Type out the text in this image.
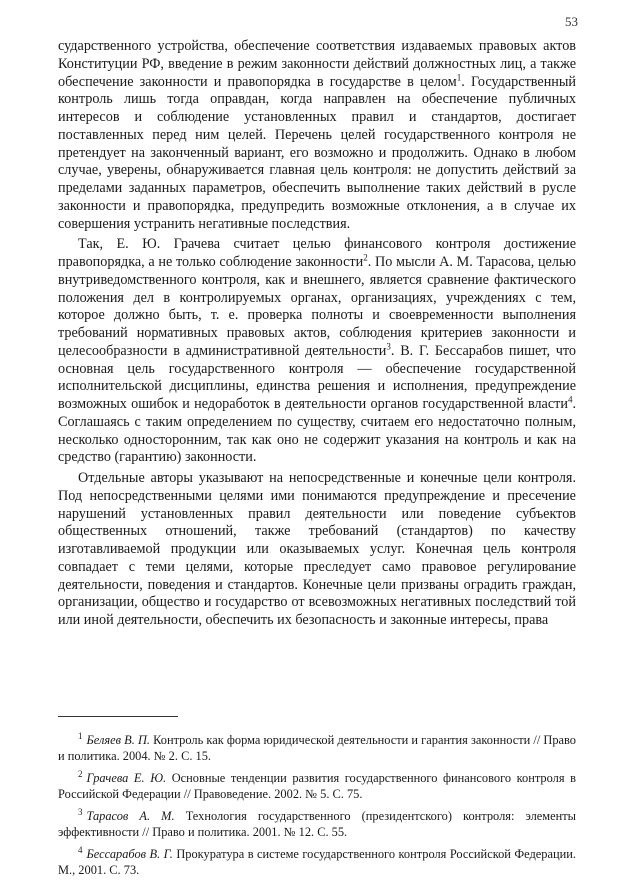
53

сударственного устройства, обеспечение соответствия издаваемых правовых актов Конституции РФ, введение в режим законности действий должностных лиц, а также обеспечение законности и правопорядка в государстве в целом$^1$. Государственный контроль лишь тогда оправдан, когда направлен на обеспечение публичных интересов и соблюдение установленных правил и стандартов, достигает поставленных перед ним целей. Перечень целей государственного контроля не претендует на законченный вариант, его возможно и продолжить. Однако в любом случае, уверены, обнаруживается главная цель контроля: не допустить действий за пределами заданных параметров, обеспечить выполнение таких действий в русле законности и правопорядка, предупредить возможные отклонения, а в случае их совершения устранить негативные последствия.

Так, Е. Ю. Грачева считает целью финансового контроля достижение правопорядка, а не только соблюдение законности$^2$. По мысли А. М. Тарасова, целью внутриведомственного контроля, как и внешнего, является сравнение фактического положения дел в контролируемых органах, организациях, учреждениях с тем, которое должно быть, т. е. проверка полноты и своевременности выполнения требований нормативных правовых актов, соблюдения критериев законности и целесообразности в административной деятельности$^3$. В. Г. Бессарабов пишет, что основная цель государственного контроля — обеспечение государственной исполнительской дисциплины, единства решения и исполнения, предупреждение возможных ошибок и недоработок в деятельности органов государственной власти$^4$. Соглашаясь с таким определением по существу, считаем его недостаточно полным, несколько односторонним, так как оно не содержит указания на контроль и как на средство (гарантию) законности.

Отдельные авторы указывают на непосредственные и конечные цели контроля. Под непосредственными целями ими понимаются предупреждение и пресечение нарушений установленных правил деятельности или поведение субъектов общественных отношений, также требований (стандартов) по качеству изготавливаемой продукции или оказываемых услуг. Конечная цель контроля совпадает с теми целями, которые преследует само правовое регулирование деятельности, поведения и стандартов. Конечные цели призваны оградить граждан, организации, общество и государство от всевозможных негативных последствий той или иной деятельности, обеспечить их безопасность и законные интересы, права

$^1$ Беляев В. П. Контроль как форма юридической деятельности и гарантия законности // Право и политика. 2004. № 2. С. 15.

$^2$ Грачева Е. Ю. Основные тенденции развития государственного финансового контроля в Российской Федерации // Правоведение. 2002. № 5. С. 75.

$^3$ Тарасов А. М. Технология государственного (президентского) контроля: элементы эффективности // Право и политика. 2001. № 12. С. 55.

$^4$ Бессарабов В. Г. Прокуратура в системе государственного контроля Российской Федерации. М., 2001. С. 73.
